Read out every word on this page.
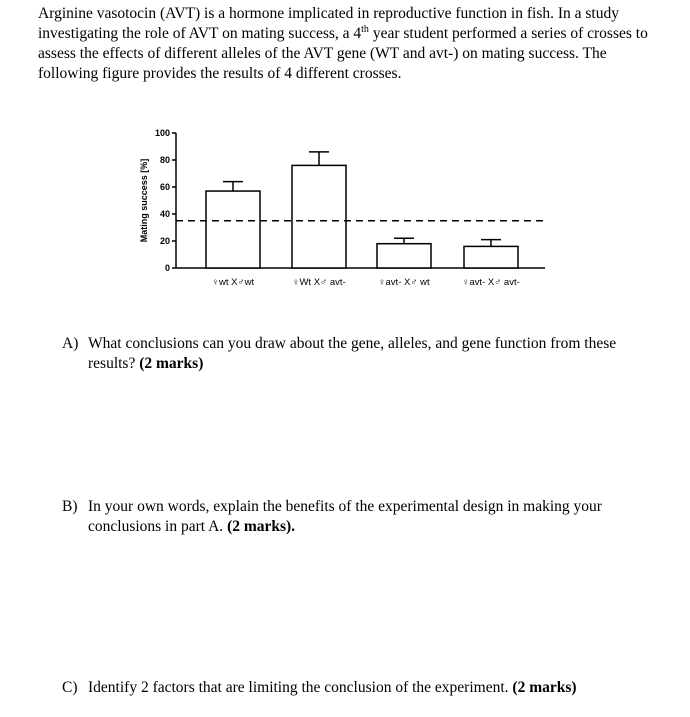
Arginine vasotocin (AVT) is a hormone implicated in reproductive function in fish. In a study investigating the role of AVT on mating success, a 4th year student performed a series of crosses to assess the effects of different alleles of the AVT gene (WT and avt-) on mating success. The following figure provides the results of 4 different crosses.
0
20
40
60
80
100
Mating success [%]
♀wt X♂wt	♀Wt X♂ avt-	♀avt- X♂ wt	♀avt- X♂ avt-
A) What conclusions can you draw about the gene, alleles, and gene function from these
results? (2 marks)
B) In your own words, explain the benefits of the experimental design in making your
conclusions in part A. (2 marks).
C) Identify 2 factors that are limiting the conclusion of the experiment. (2 marks)
